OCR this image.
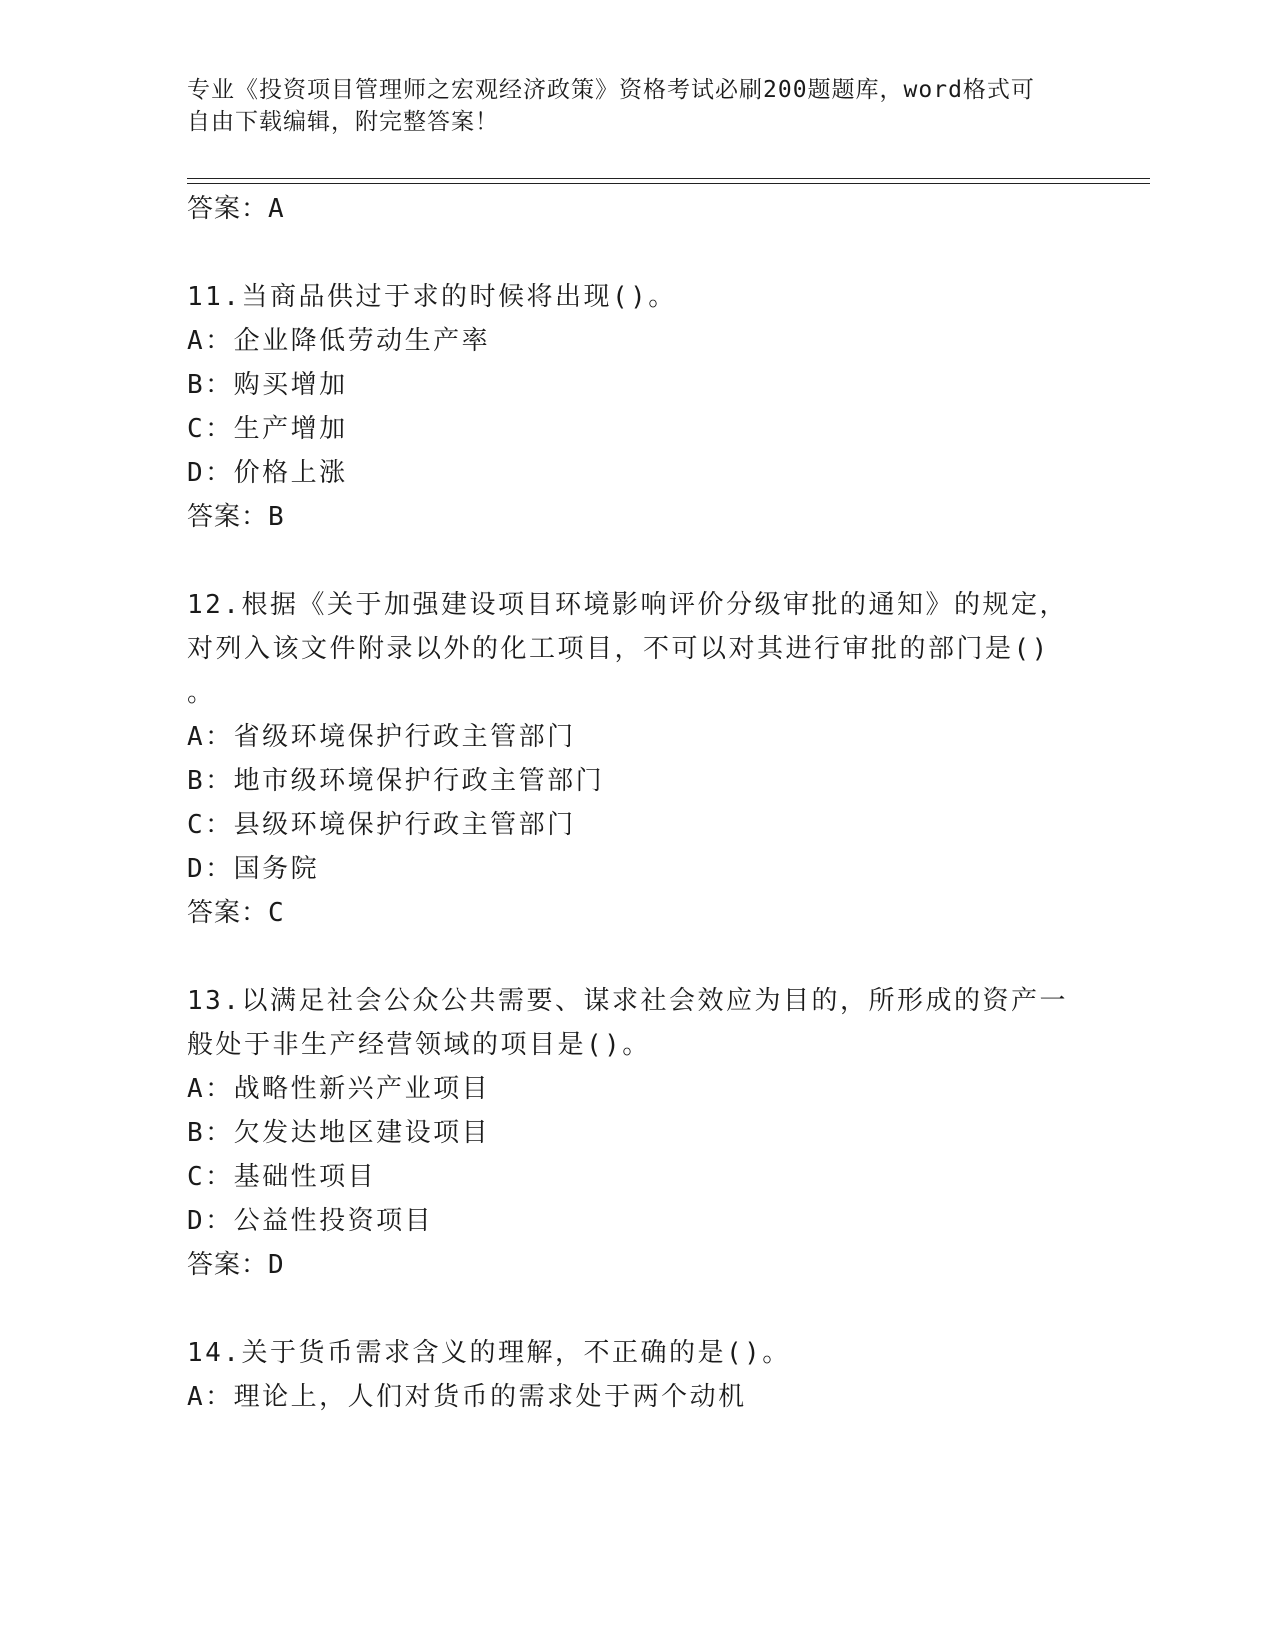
专业《投资项目管理师之宏观经济政策》资格考试必刷200题题库，word格式可
自由下载编辑，附完整答案！
答案：A
11.当商品供过于求的时候将出现()。
A：企业降低劳动生产率
B：购买增加
C：生产增加
D：价格上涨
答案：B
12.根据《关于加强建设项目环境影响评价分级审批的通知》的规定，
对列入该文件附录以外的化工项目，不可以对其进行审批的部门是()
。
A：省级环境保护行政主管部门
B：地市级环境保护行政主管部门
C：县级环境保护行政主管部门
D：国务院
答案：C
13.以满足社会公众公共需要、谋求社会效应为目的，所形成的资产一
般处于非生产经营领域的项目是()。
A：战略性新兴产业项目
B：欠发达地区建设项目
C：基础性项目
D：公益性投资项目
答案：D
14.关于货币需求含义的理解，不正确的是()。
A：理论上，人们对货币的需求处于两个动机
